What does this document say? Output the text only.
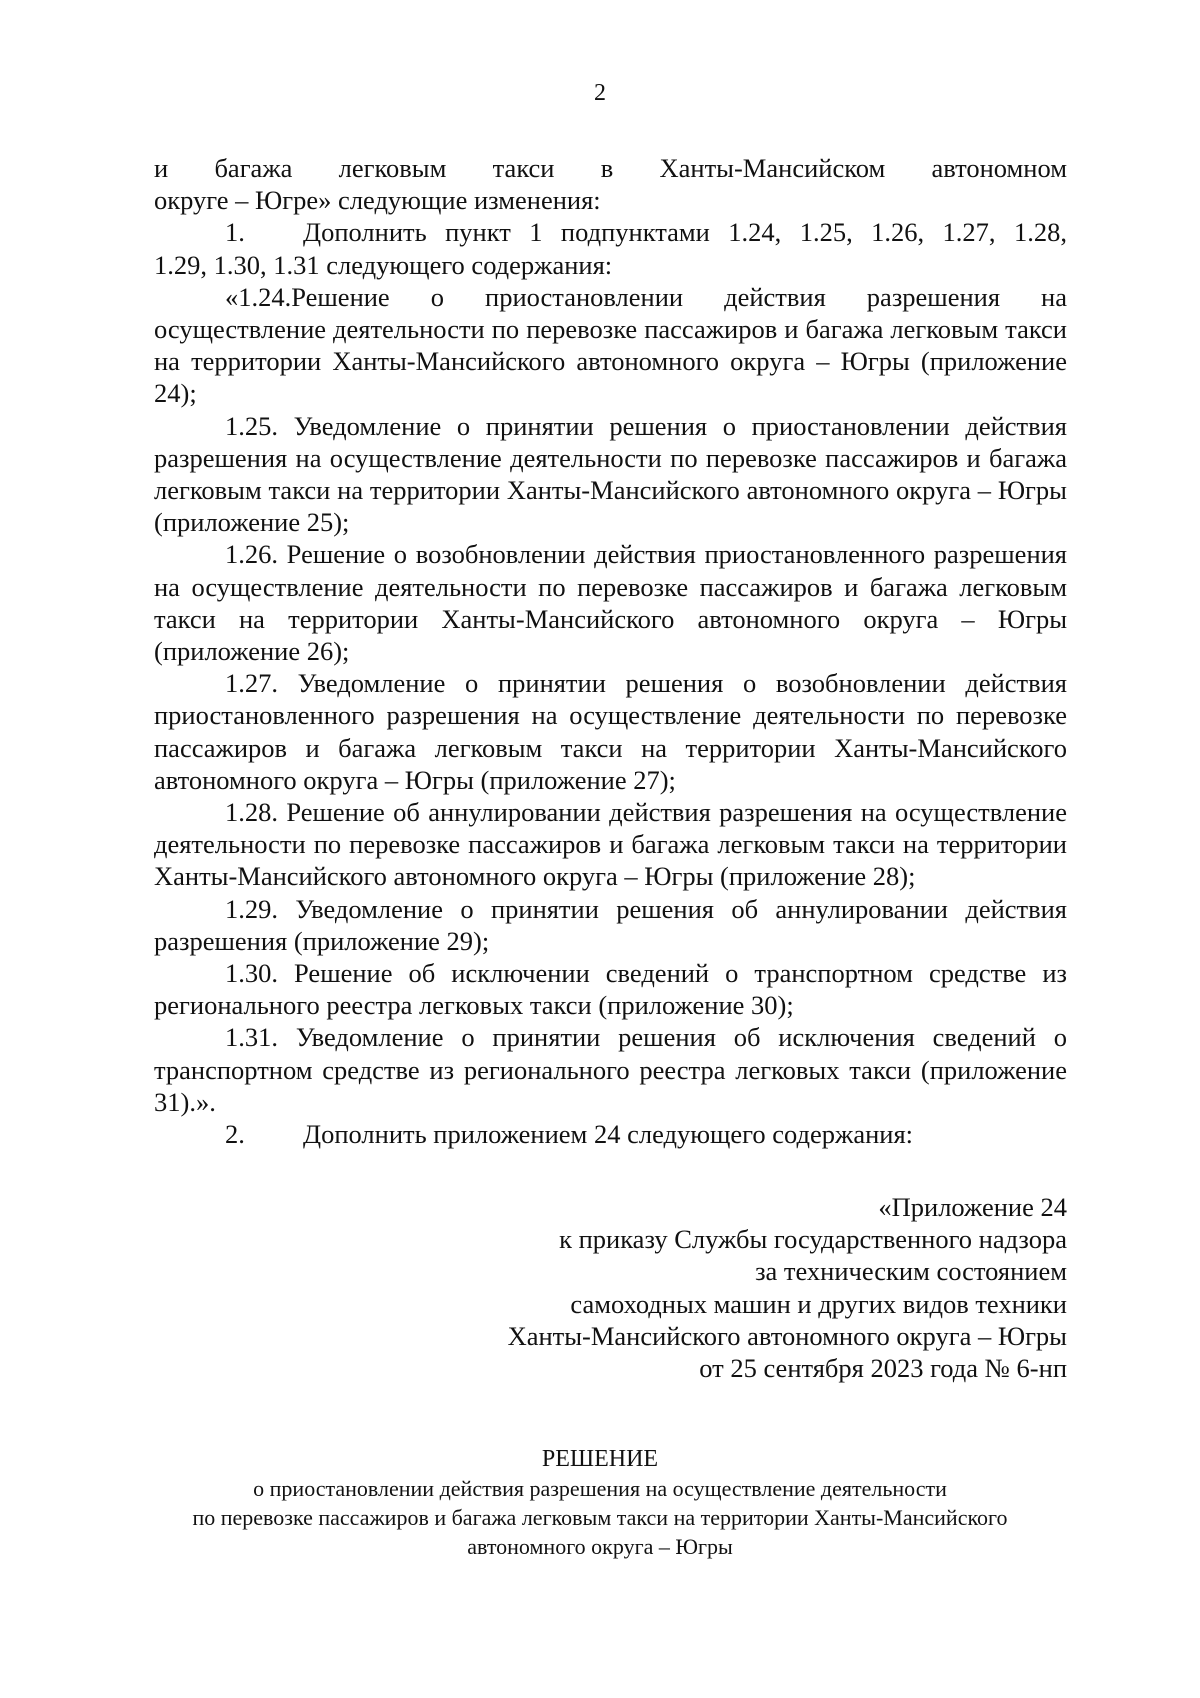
2

и багажа легковым такси в Ханты-Мансийском автономном

округе – Югре» следующие изменения:

1.	Дополнить пункт 1 подпунктами 1.24, 1.25, 1.26, 1.27, 1.28,

1.29, 1.30, 1.31 следующего содержания:

«1.24.Решение о приостановлении действия разрешения на осуществление деятельности по перевозке пассажиров и багажа легковым такси на территории Ханты-Мансийского автономного округа – Югры (приложение 24);

1.25. Уведомление о принятии решения о приостановлении действия разрешения на осуществление деятельности по перевозке пассажиров и багажа легковым такси на территории Ханты-Мансийского автономного округа – Югры (приложение 25);

1.26. Решение о возобновлении действия приостановленного разрешения на осуществление деятельности по перевозке пассажиров и багажа легковым такси на территории Ханты-Мансийского автономного округа – Югры (приложение 26);

1.27. Уведомление о принятии решения о возобновлении действия приостановленного разрешения на осуществление деятельности по перевозке пассажиров и багажа легковым такси на территории Ханты-Мансийского автономного округа – Югры (приложение 27);

1.28. Решение об аннулировании действия разрешения на осуществление деятельности по перевозке пассажиров и багажа легковым такси на территории Ханты-Мансийского автономного округа – Югры (приложение 28);

1.29. Уведомление о принятии решения об аннулировании действия разрешения (приложение 29);

1.30. Решение об исключении сведений о транспортном средстве из регионального реестра легковых такси (приложение 30);

1.31. Уведомление о принятии решения об исключения сведений о транспортном средстве из регионального реестра легковых такси (приложение 31).».

2.	Дополнить приложением 24 следующего содержания:
«Приложение 24
к приказу Службы государственного надзора
за техническим состоянием
самоходных машин и других видов техники
Ханты-Мансийского автономного округа – Югры
от 25 сентября 2023 года № 6-нп
РЕШЕНИЕ
о приостановлении действия разрешения на осуществление деятельности
по перевозке пассажиров и багажа легковым такси на территории Ханты-Мансийского
автономного округа – Югры
